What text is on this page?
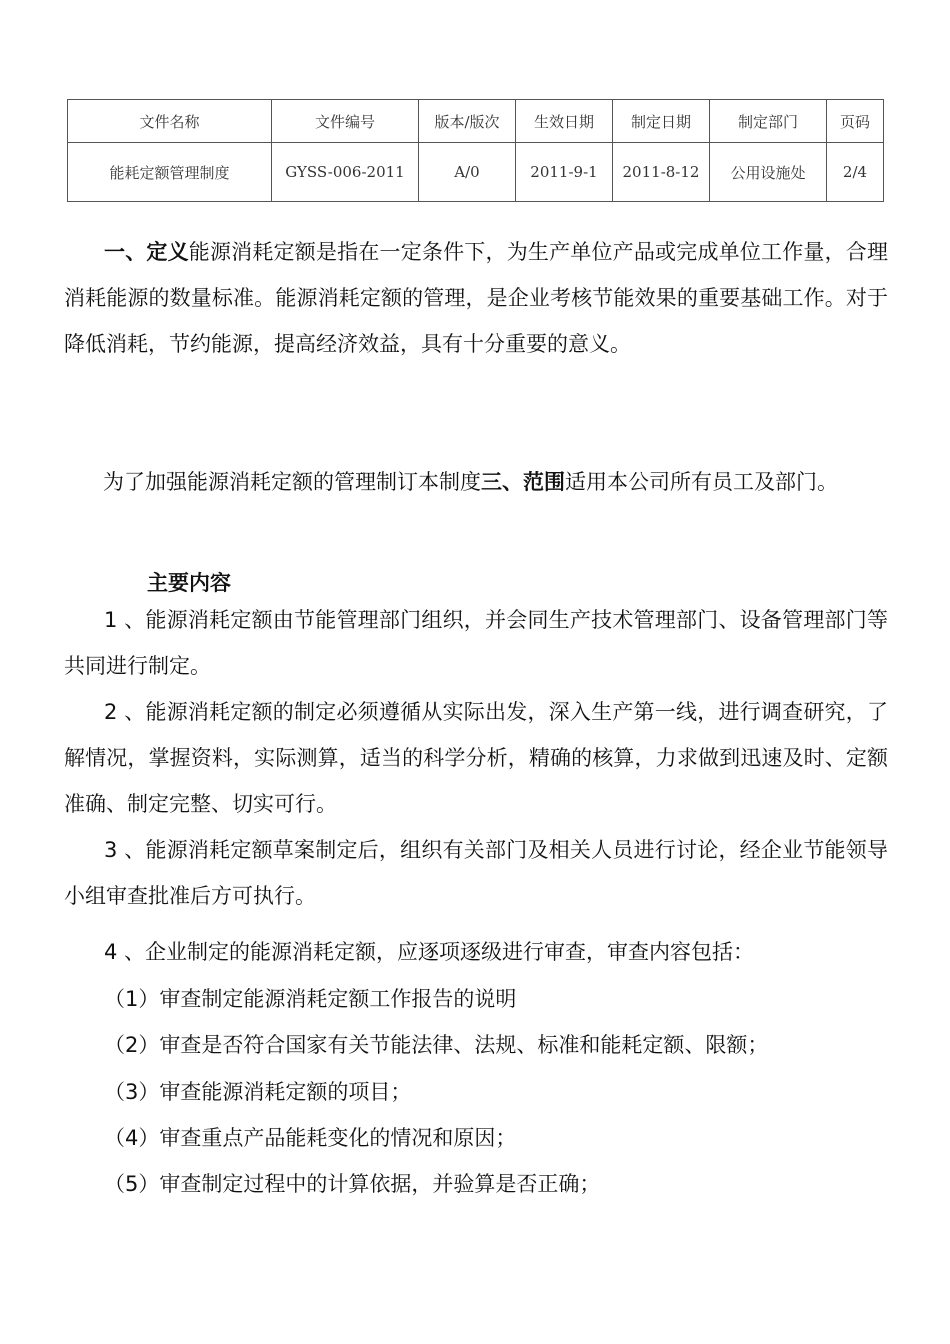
文件名称	文件编号	版本/版次	生效日期	制定日期	制定部门	页码
能耗定额管理制度	GYSS-006-2011	A/0	2011-9-1	2011-8-12	公用设施处	2/4

一、定义能源消耗定额是指在一定条件下，为生产单位产品或完成单位工作量，合理消耗能源的数量标准。能源消耗定额的管理，是企业考核节能效果的重要基础工作。对于降低消耗，节约能源，提高经济效益，具有十分重要的意义。

为了加强能源消耗定额的管理制订本制度三、范围适用本公司所有员工及部门。

主要内容

1 、能源消耗定额由节能管理部门组织，并会同生产技术管理部门、设备管理部门等共同进行制定。

2 、能源消耗定额的制定必须遵循从实际出发，深入生产第一线，进行调查研究，了解情况，掌握资料，实际测算，适当的科学分析，精确的核算，力求做到迅速及时、定额准确、制定完整、切实可行。

3 、能源消耗定额草案制定后，组织有关部门及相关人员进行讨论，经企业节能领导小组审查批准后方可执行。

4 、企业制定的能源消耗定额，应逐项逐级进行审查，审查内容包括：
（1）审查制定能源消耗定额工作报告的说明
（2）审查是否符合国家有关节能法律、法规、标准和能耗定额、限额；
（3）审查能源消耗定额的项目；
（4）审查重点产品能耗变化的情况和原因；
（5）审查制定过程中的计算依据，并验算是否正确；
